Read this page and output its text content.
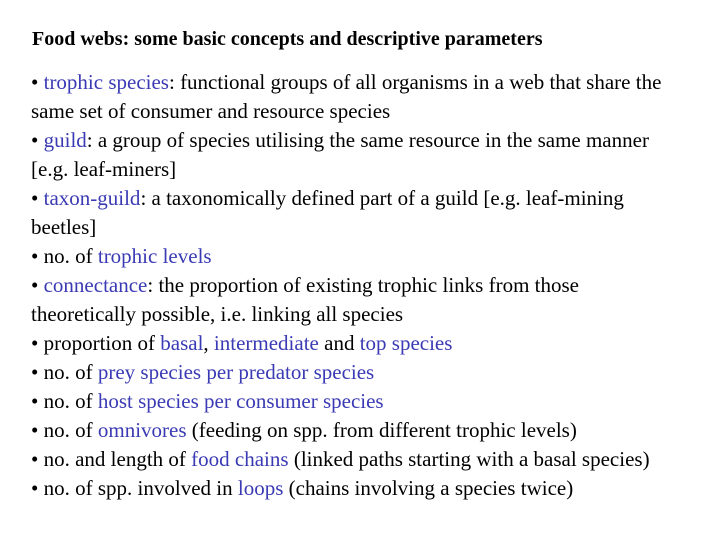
Food webs: some basic concepts and descriptive parameters

• trophic species: functional groups of all organisms in a web that share the same set of consumer and resource species

• guild: a group of species utilising the same resource in the same manner [e.g. leaf-miners]

• taxon-guild: a taxonomically defined part of a guild [e.g. leaf-mining beetles]

• no. of trophic levels

• connectance: the proportion of existing trophic links from those theoretically possible, i.e. linking all species

• proportion of basal, intermediate and top species

• no. of prey species per predator species

• no. of host species per consumer species

• no. of omnivores (feeding on spp. from different trophic levels)

• no. and length of food chains (linked paths starting with a basal species)

• no. of spp. involved in loops (chains involving a species twice)
